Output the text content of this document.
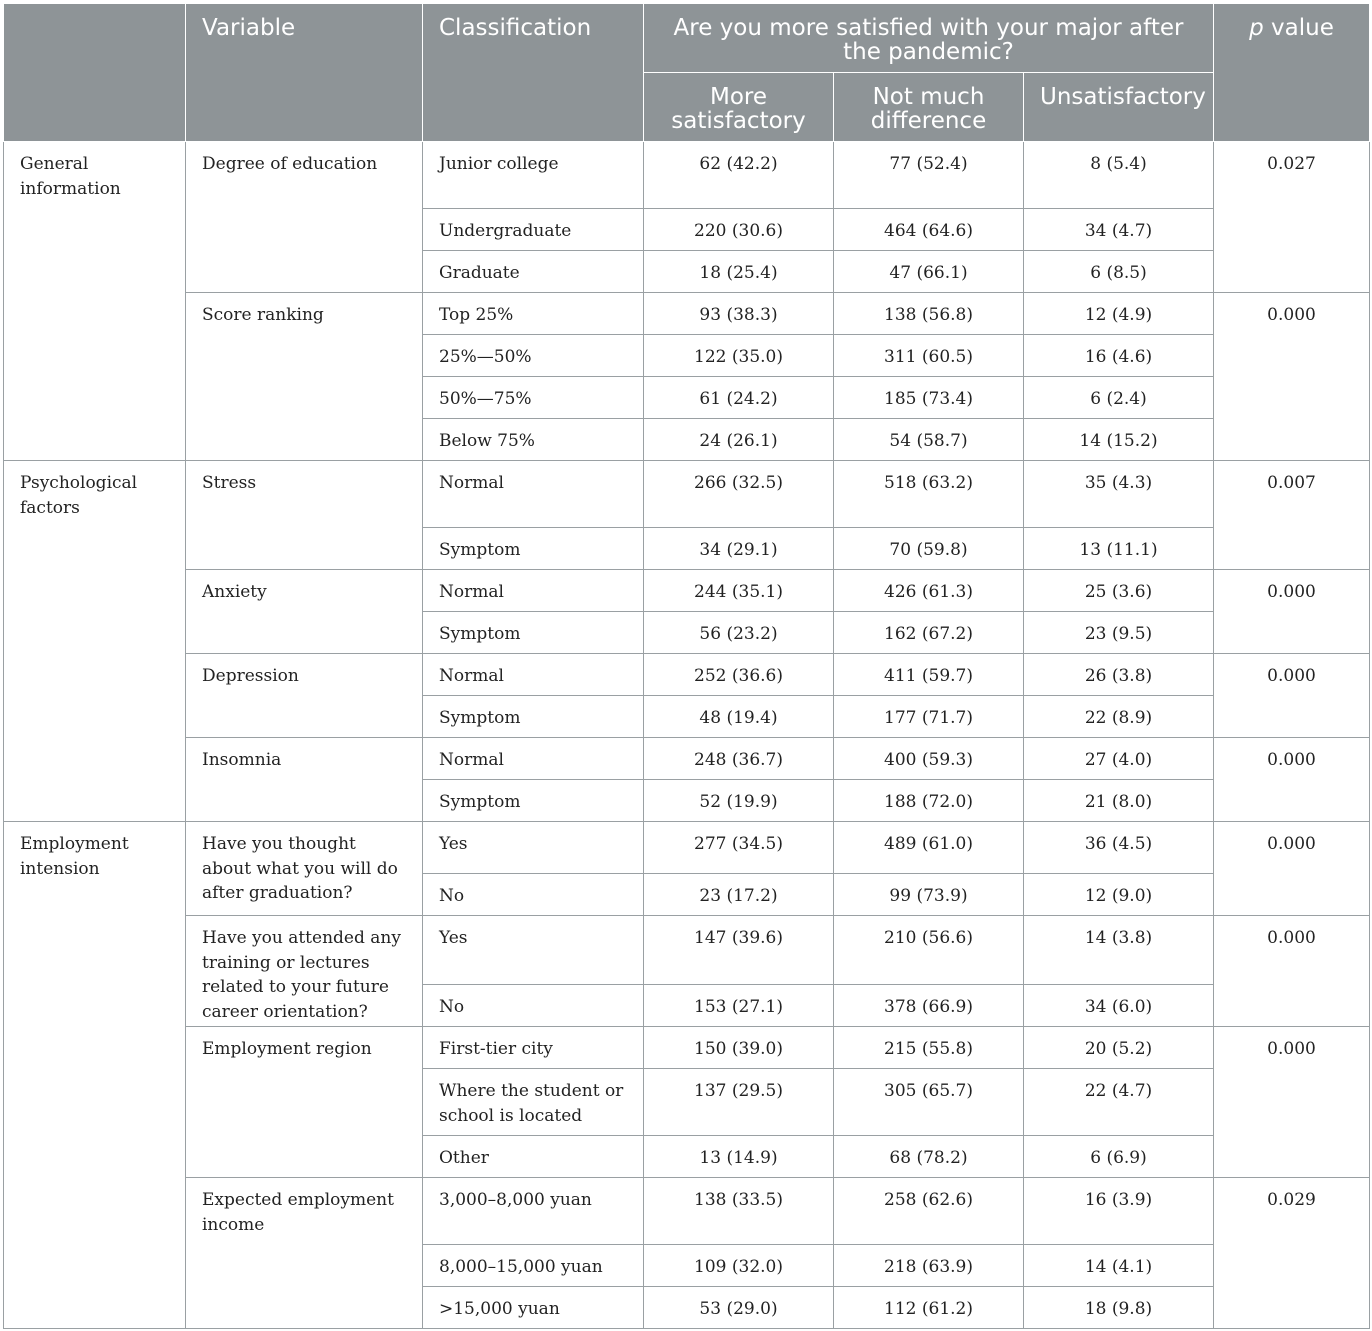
	Variable	Classification	Are you more satisfied with your major after the pandemic?			p value
			More satisfactory	Not much difference	Unsatisfactory	
General information	Degree of education	Junior college	62 (42.2)	77 (52.4)	8 (5.4)	0.027
		Undergraduate	220 (30.6)	464 (64.6)	34 (4.7)	
		Graduate	18 (25.4)	47 (66.1)	6 (8.5)	
	Score ranking	Top 25%	93 (38.3)	138 (56.8)	12 (4.9)	0.000
		25%—50%	122 (35.0)	311 (60.5)	16 (4.6)	
		50%—75%	61 (24.2)	185 (73.4)	6 (2.4)	
		Below 75%	24 (26.1)	54 (58.7)	14 (15.2)	
Psychological factors	Stress	Normal	266 (32.5)	518 (63.2)	35 (4.3)	0.007
		Symptom	34 (29.1)	70 (59.8)	13 (11.1)	
	Anxiety	Normal	244 (35.1)	426 (61.3)	25 (3.6)	0.000
		Symptom	56 (23.2)	162 (67.2)	23 (9.5)	
	Depression	Normal	252 (36.6)	411 (59.7)	26 (3.8)	0.000
		Symptom	48 (19.4)	177 (71.7)	22 (8.9)	
	Insomnia	Normal	248 (36.7)	400 (59.3)	27 (4.0)	0.000
		Symptom	52 (19.9)	188 (72.0)	21 (8.0)	
Employment intension	Have you thought about what you will do after graduation?	Yes	277 (34.5)	489 (61.0)	36 (4.5)	0.000
		No	23 (17.2)	99 (73.9)	12 (9.0)	
	Have you attended any training or lectures related to your future career orientation?	Yes	147 (39.6)	210 (56.6)	14 (3.8)	0.000
		No	153 (27.1)	378 (66.9)	34 (6.0)	
	Employment region	First-tier city	150 (39.0)	215 (55.8)	20 (5.2)	0.000
		Where the student or school is located	137 (29.5)	305 (65.7)	22 (4.7)	
		Other	13 (14.9)	68 (78.2)	6 (6.9)	
	Expected employment income	3,000–8,000 yuan	138 (33.5)	258 (62.6)	16 (3.9)	0.029
		8,000–15,000 yuan	109 (32.0)	218 (63.9)	14 (4.1)	
		>15,000 yuan	53 (29.0)	112 (61.2)	18 (9.8)	
